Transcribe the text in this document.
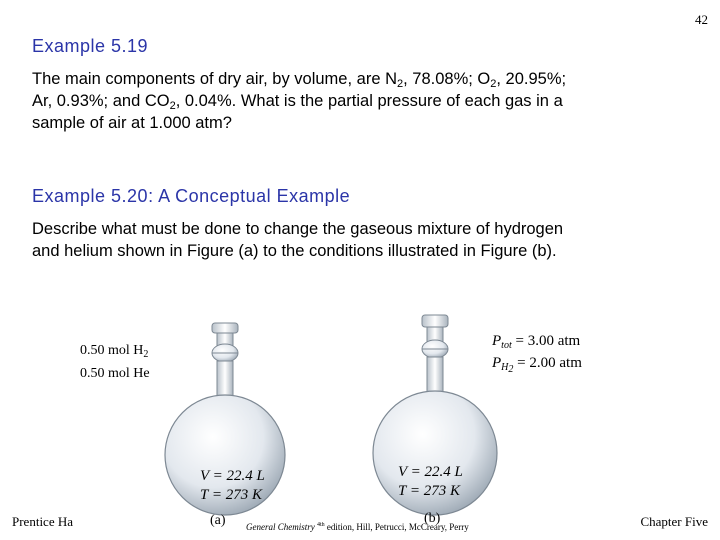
42
Example 5.19
The main components of dry air, by volume, are $N_2$, 78.08%; $O_2$, 20.95%;
Ar, 0.93%; and $CO_2$, 0.04%. What is the partial pressure of each gas in a
sample of air at 1.000 atm?
Example 5.20: A Conceptual Example
Describe what must be done to change the gaseous mixture of hydrogen
and helium shown in Figure (a) to the conditions illustrated in Figure (b).
0.50 mol $H_2$
0.50 mol He
V = 22.4 L
T = 273 K
(a)
$P_{tot} = 3.00$ atm
$P_H2 = 2.00$ atm
V = 22.4 L
T = 273 K
(b)
Prentice Ha	General Chemistry $^{4th}$ edition, Hill, Petrucci, McCreary, Perry	Chapter Five
